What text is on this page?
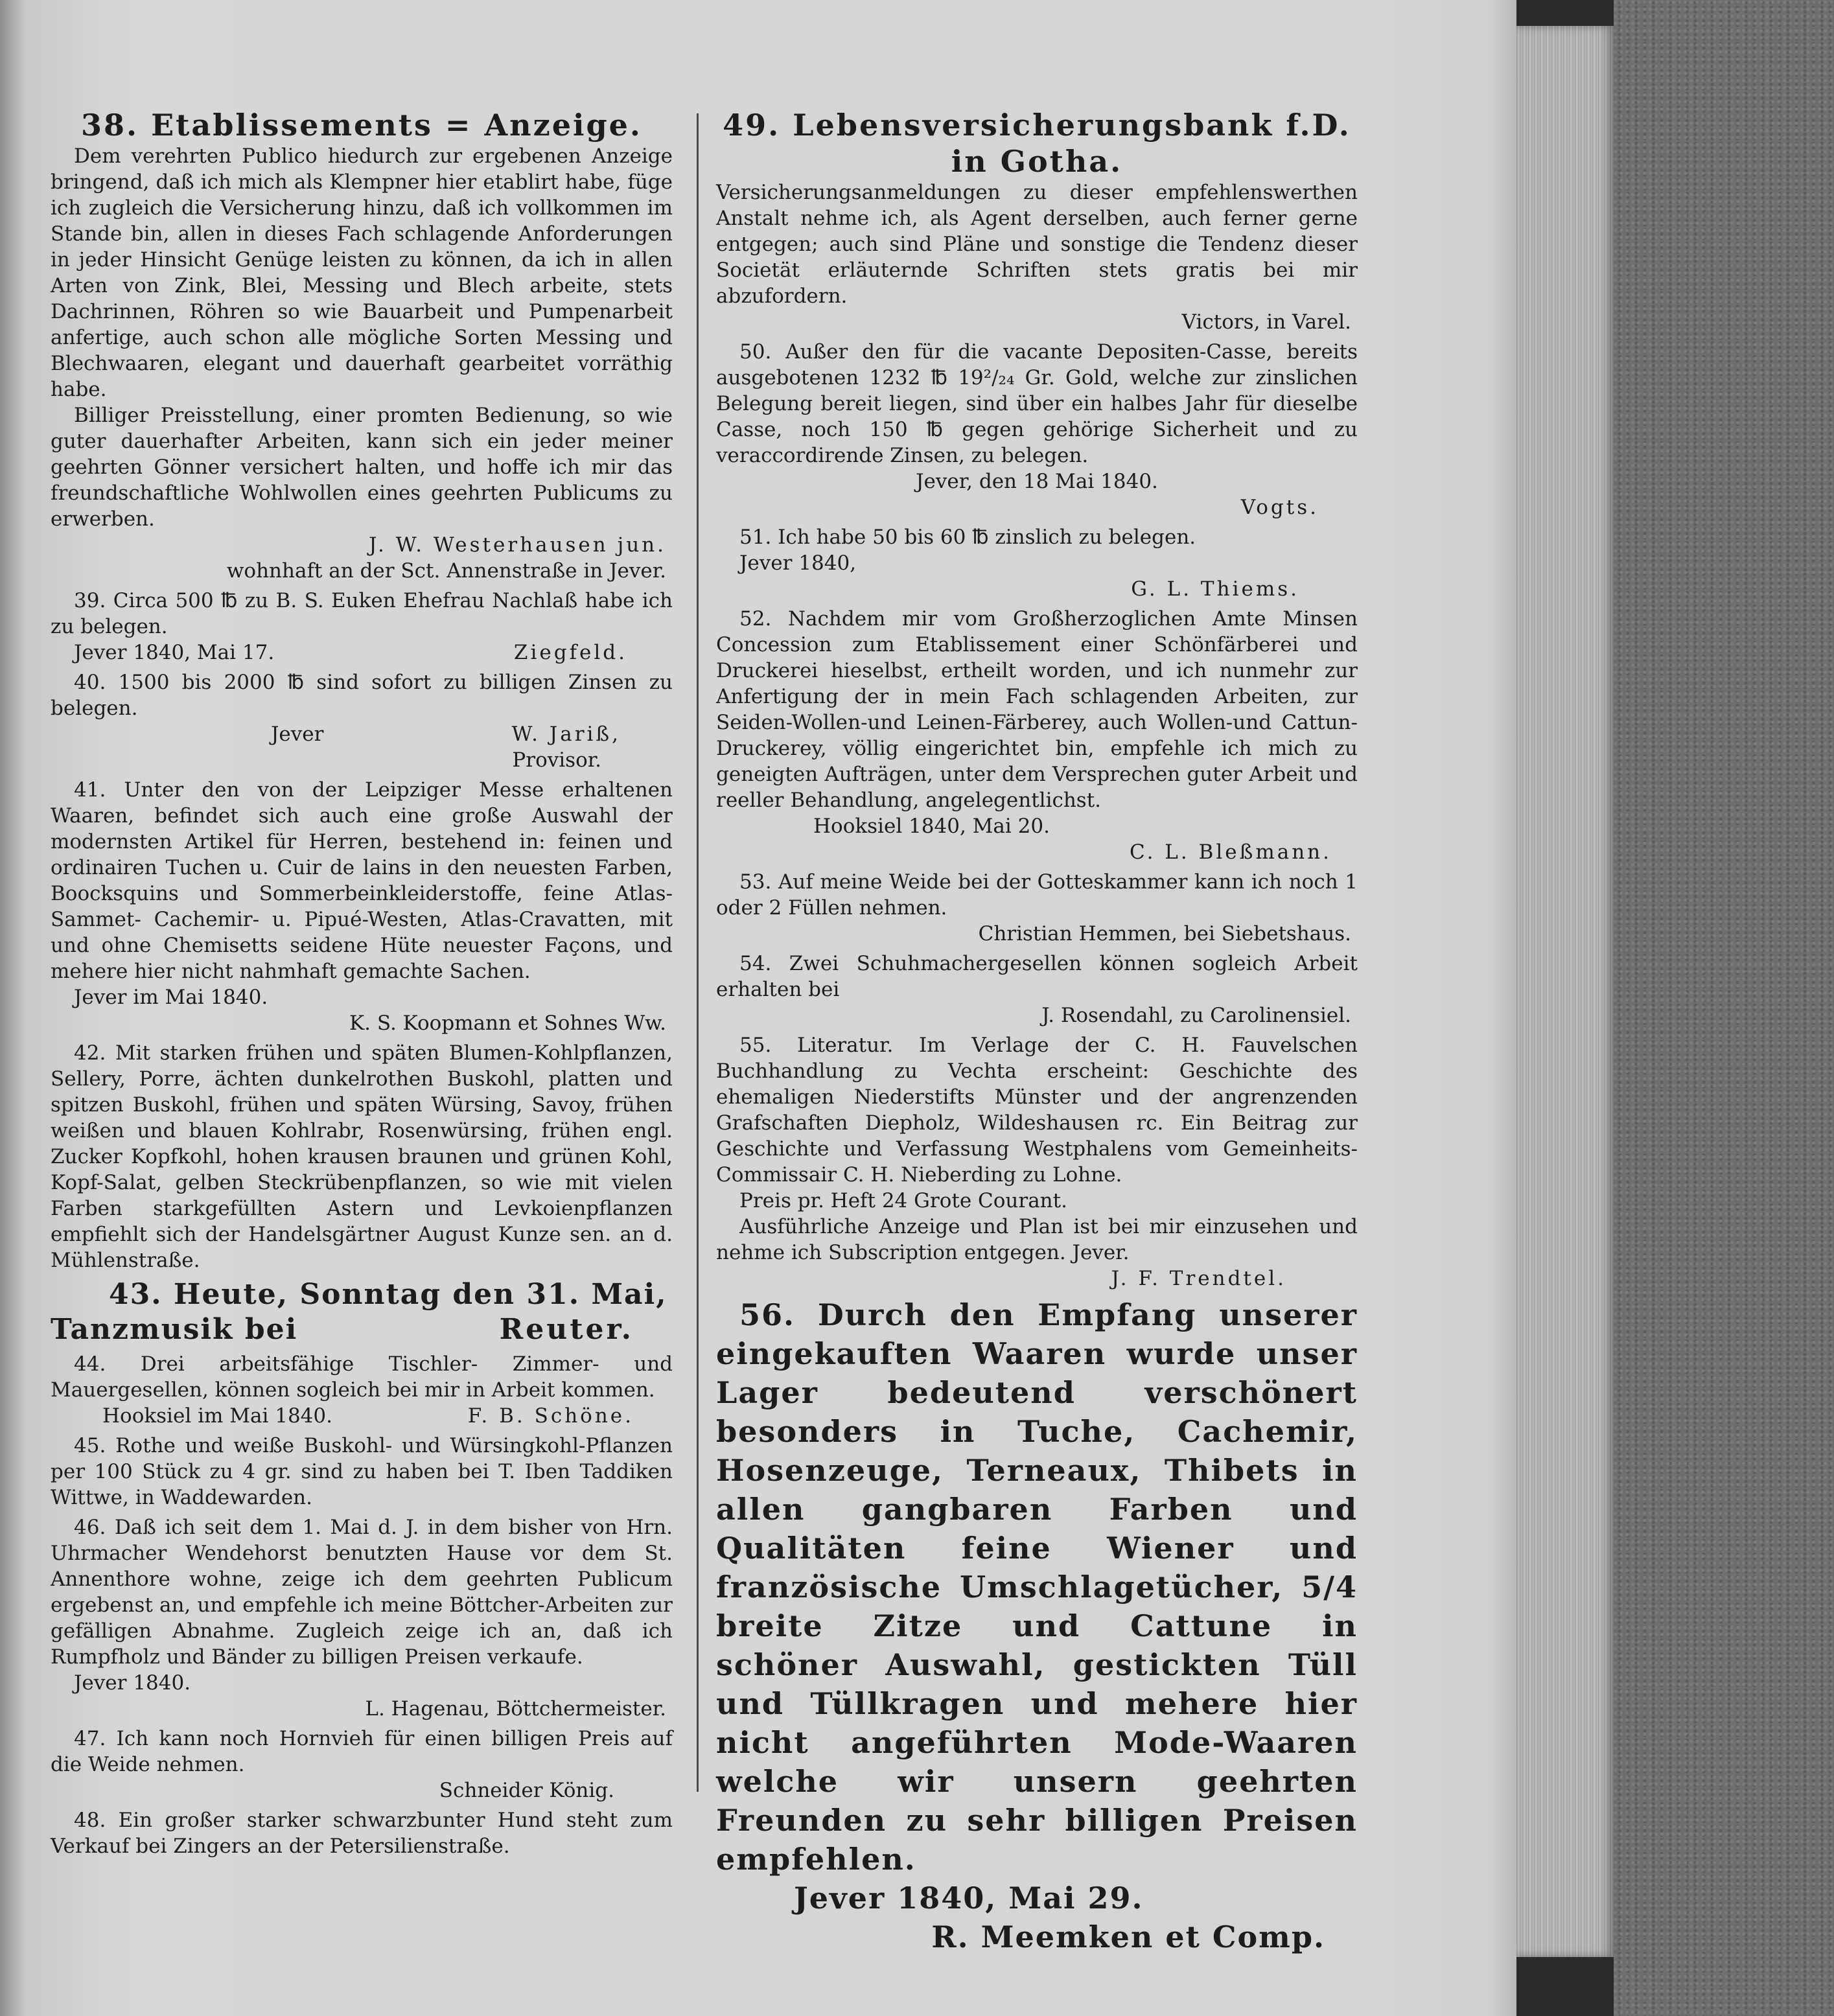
38. Etablissements = Anzeige.

Dem verehrten Publico hiedurch zur ergebenen Anzeige bringend, daß ich mich als Klempner hier etablirt habe, füge ich zugleich die Versicherung hinzu, daß ich vollkommen im Stande bin, allen in dieses Fach schlagende Anforderungen in jeder Hinsicht Genüge leisten zu können, da ich in allen Arten von Zink, Blei, Messing und Blech arbeite, stets Dachrinnen, Röhren so wie Bauarbeit und Pumpenarbeit anfertige, auch schon alle mögliche Sorten Messing und Blechwaaren, elegant und dauerhaft gearbeitet vorräthig habe.

Billiger Preisstellung, einer promten Bedienung, so wie guter dauerhafter Arbeiten, kann sich ein jeder meiner geehrten Gönner versichert halten, und hoffe ich mir das freundschaftliche Wohlwollen eines geehrten Publicums zu erwerben.

J. W. Westerhausen jun.
wohnhaft an der Sct. Annenstraße in Jever.

39. Circa 500 ℔ zu B. S. Euken Ehefrau Nachlaß habe ich zu belegen.

Jever 1840, Mai 17.	Ziegfeld.

40. 1500 bis 2000 ℔ sind sofort zu billigen Zinsen zu belegen.

Jever	W. Jariß,
Provisor.

41. Unter den von der Leipziger Messe erhaltenen Waaren, befindet sich auch eine große Auswahl der modernsten Artikel für Herren, bestehend in: feinen und ordinairen Tuchen u. Cuir de lains in den neuesten Farben, Boocksquins und Sommerbeinkleiderstoffe, feine Atlas-Sammet- Cachemir- u. Pipué-Westen, Atlas-Cravatten, mit und ohne Chemisetts seidene Hüte neuester Façons, und mehere hier nicht nahmhaft gemachte Sachen.

Jever im Mai 1840.

K. S. Koopmann et Sohnes Ww.

42. Mit starken frühen und späten Blumen-Kohlpflanzen, Sellery, Porre, ächten dunkelrothen Buskohl, platten und spitzen Buskohl, frühen und späten Würsing, Savoy, frühen weißen und blauen Kohlrabr, Rosenwürsing, frühen engl. Zucker Kopfkohl, hohen krausen braunen und grünen Kohl, Kopf-Salat, gelben Steckrübenpflanzen, so wie mit vielen Farben starkgefüllten Astern und Levkoienpflanzen empfiehlt sich der Handelsgärtner August Kunze sen. an d. Mühlenstraße.

43. Heute, Sonntag den 31. Mai,
Tanzmusik bei	Reuter.

44. Drei arbeitsfähige Tischler- Zimmer- und Mauergesellen, können sogleich bei mir in Arbeit kommen.

Hooksiel im Mai 1840.	F. B. Schöne.

45. Rothe und weiße Buskohl- und Würsingkohl-Pflanzen per 100 Stück zu 4 gr. sind zu haben bei T. Iben Taddiken Wittwe, in Waddewarden.

46. Daß ich seit dem 1. Mai d. J. in dem bisher von Hrn. Uhrmacher Wendehorst benutzten Hause vor dem St. Annenthore wohne, zeige ich dem geehrten Publicum ergebenst an, und empfehle ich meine Böttcher-Arbeiten zur gefälligen Abnahme. Zugleich zeige ich an, daß ich Rumpfholz und Bänder zu billigen Preisen verkaufe.

Jever 1840.

L. Hagenau, Böttchermeister.

47. Ich kann noch Hornvieh für einen billigen Preis auf die Weide nehmen.

Schneider König.

48. Ein großer starker schwarzbunter Hund steht zum Verkauf bei Zingers an der Petersilienstraße.

49. Lebensversicherungsbank f.D.
in Gotha.

Versicherungsanmeldungen zu dieser empfehlenswerthen Anstalt nehme ich, als Agent derselben, auch ferner gerne entgegen; auch sind Pläne und sonstige die Tendenz dieser Societät erläuternde Schriften stets gratis bei mir abzufordern.

Victors, in Varel.

50. Außer den für die vacante Depositen-Casse, bereits ausgebotenen 1232 ℔ 19²/₂₄ Gr. Gold, welche zur zinslichen Belegung bereit liegen, sind über ein halbes Jahr für dieselbe Casse, noch 150 ℔ gegen gehörige Sicherheit und zu veraccordirende Zinsen, zu belegen.

Jever, den 18 Mai 1840.
Vogts.

51. Ich habe 50 bis 60 ℔ zinslich zu belegen.

Jever 1840,

G. L. Thiems.

52. Nachdem mir vom Großherzoglichen Amte Minsen Concession zum Etablissement einer Schönfärberei und Druckerei hieselbst, ertheilt worden, und ich nunmehr zur Anfertigung der in mein Fach schlagenden Arbeiten, zur Seiden-Wollen-und Leinen-Färberey, auch Wollen-und Cattun-Druckerey, völlig eingerichtet bin, empfehle ich mich zu geneigten Aufträgen, unter dem Versprechen guter Arbeit und reeller Behandlung, angelegentlichst.

Hooksiel 1840, Mai 20.
C. L. Bleßmann.

53. Auf meine Weide bei der Gotteskammer kann ich noch 1 oder 2 Füllen nehmen.

Christian Hemmen, bei Siebetshaus.

54. Zwei Schuhmachergesellen können sogleich Arbeit erhalten bei

J. Rosendahl, zu Carolinensiel.

55. Literatur. Im Verlage der C. H. Fauvelschen Buchhandlung zu Vechta erscheint: Geschichte des ehemaligen Niederstifts Münster und der angrenzenden Grafschaften Diepholz, Wildeshausen rc. Ein Beitrag zur Geschichte und Verfassung Westphalens vom Gemeinheits-Commissair C. H. Nieberding zu Lohne.

Preis pr. Heft 24 Grote Courant.

Ausführliche Anzeige und Plan ist bei mir einzusehen und nehme ich Subscription entgegen. Jever.

J. F. Trendtel.

56. Durch den Empfang unserer eingekauften Waaren wurde unser Lager bedeutend verschönert besonders in Tuche, Cachemir, Hosenzeuge, Terneaux, Thibets in allen gangbaren Farben und Qualitäten feine Wiener und französische Umschlagetücher, 5/4 breite Zitze und Cattune in schöner Auswahl, gestickten Tüll und Tüllkragen und mehere hier nicht angeführten Mode-Waaren welche wir unsern geehrten Freunden zu sehr billigen Preisen empfehlen.

Jever 1840, Mai 29.
R. Meemken et Comp.
